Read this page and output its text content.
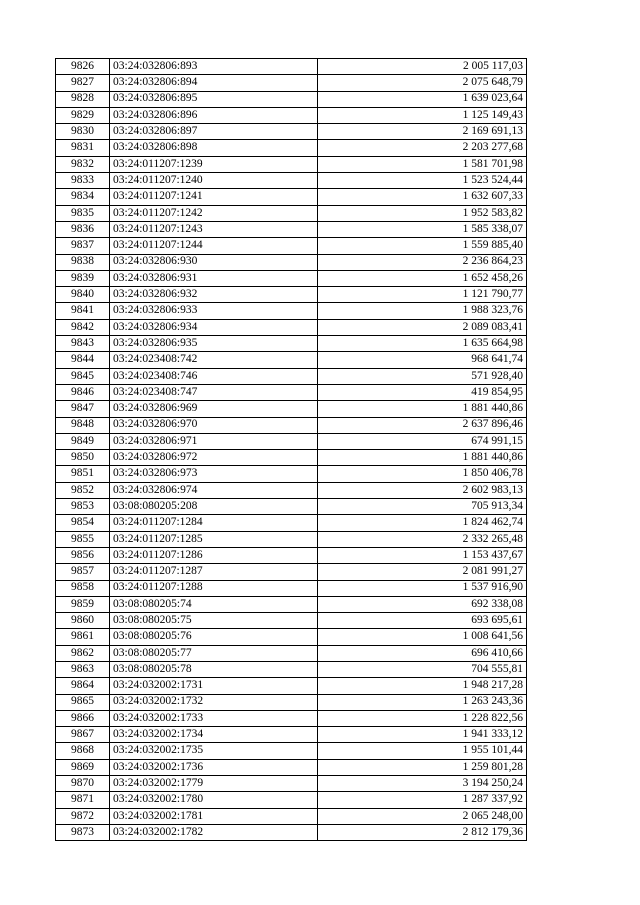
9826	03:24:032806:893	2 005 117,03
9827	03:24:032806:894	2 075 648,79
9828	03:24:032806:895	1 639 023,64
9829	03:24:032806:896	1 125 149,43
9830	03:24:032806:897	2 169 691,13
9831	03:24:032806:898	2 203 277,68
9832	03:24:011207:1239	1 581 701,98
9833	03:24:011207:1240	1 523 524,44
9834	03:24:011207:1241	1 632 607,33
9835	03:24:011207:1242	1 952 583,82
9836	03:24:011207:1243	1 585 338,07
9837	03:24:011207:1244	1 559 885,40
9838	03:24:032806:930	2 236 864,23
9839	03:24:032806:931	1 652 458,26
9840	03:24:032806:932	1 121 790,77
9841	03:24:032806:933	1 988 323,76
9842	03:24:032806:934	2 089 083,41
9843	03:24:032806:935	1 635 664,98
9844	03:24:023408:742	968 641,74
9845	03:24:023408:746	571 928,40
9846	03:24:023408:747	419 854,95
9847	03:24:032806:969	1 881 440,86
9848	03:24:032806:970	2 637 896,46
9849	03:24:032806:971	674 991,15
9850	03:24:032806:972	1 881 440,86
9851	03:24:032806:973	1 850 406,78
9852	03:24:032806:974	2 602 983,13
9853	03:08:080205:208	705 913,34
9854	03:24:011207:1284	1 824 462,74
9855	03:24:011207:1285	2 332 265,48
9856	03:24:011207:1286	1 153 437,67
9857	03:24:011207:1287	2 081 991,27
9858	03:24:011207:1288	1 537 916,90
9859	03:08:080205:74	692 338,08
9860	03:08:080205:75	693 695,61
9861	03:08:080205:76	1 008 641,56
9862	03:08:080205:77	696 410,66
9863	03:08:080205:78	704 555,81
9864	03:24:032002:1731	1 948 217,28
9865	03:24:032002:1732	1 263 243,36
9866	03:24:032002:1733	1 228 822,56
9867	03:24:032002:1734	1 941 333,12
9868	03:24:032002:1735	1 955 101,44
9869	03:24:032002:1736	1 259 801,28
9870	03:24:032002:1779	3 194 250,24
9871	03:24:032002:1780	1 287 337,92
9872	03:24:032002:1781	2 065 248,00
9873	03:24:032002:1782	2 812 179,36
